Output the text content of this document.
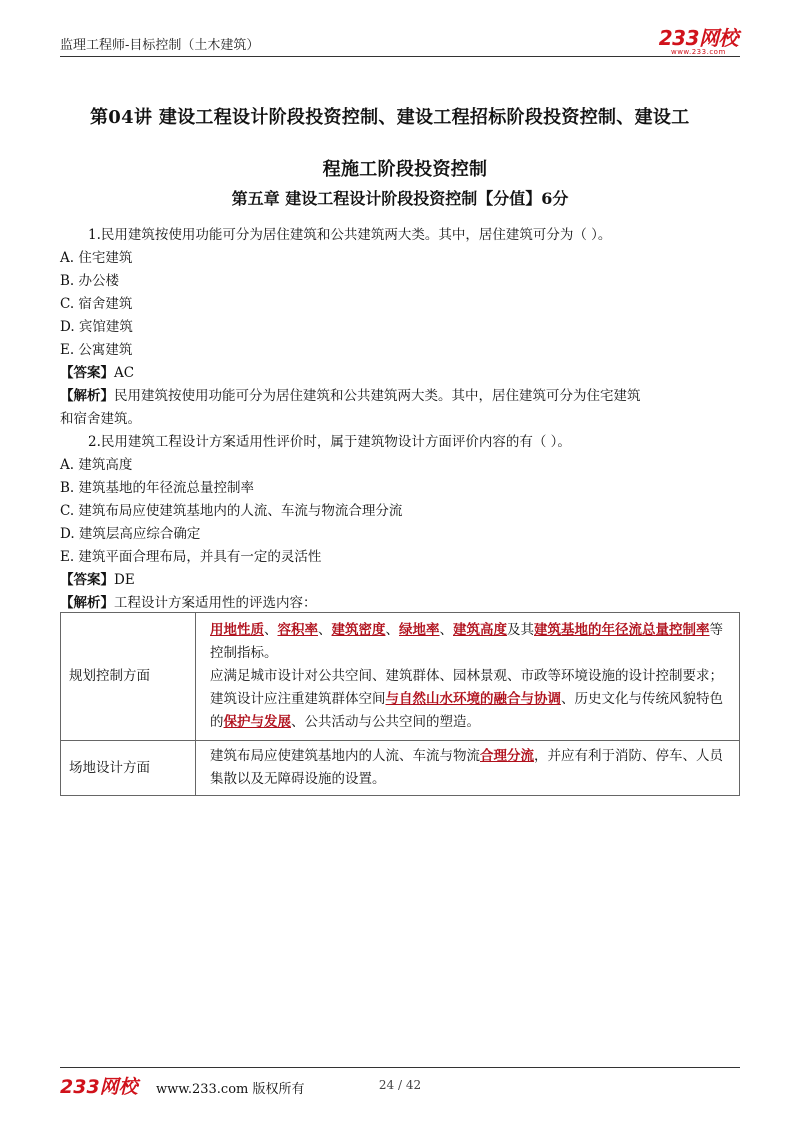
监理工程师-目标控制（土木建筑）	233网校
www.233.com
第04讲 建设工程设计阶段投资控制、建设工程招标阶段投资控制、建设工
程施工阶段投资控制
第五章 建设工程设计阶段投资控制【分值】6分

1.民用建筑按使用功能可分为居住建筑和公共建筑两大类。其中，居住建筑可分为（ ）。

A. 住宅建筑

B. 办公楼

C. 宿舍建筑

D. 宾馆建筑

E. 公寓建筑

【答案】AC

【解析】民用建筑按使用功能可分为居住建筑和公共建筑两大类。其中，居住建筑可分为住宅建筑

和宿舍建筑。

2.民用建筑工程设计方案适用性评价时，属于建筑物设计方面评价内容的有（ ）。

A. 建筑高度

B. 建筑基地的年径流总量控制率

C. 建筑布局应使建筑基地内的人流、车流与物流合理分流

D. 建筑层高应综合确定

E. 建筑平面合理布局，并具有一定的灵活性

【答案】DE

【解析】工程设计方案适用性的评选内容：

规划控制方面	用地性质、容积率、建筑密度、绿地率、建筑高度及其建筑基地的年径流总量控制率等控制指标。
应满足城市设计对公共空间、建筑群体、园林景观、市政等环境设施的设计控制要求；
建筑设计应注重建筑群体空间与自然山水环境的融合与协调、历史文化与传统风貌特色的保护与发展、公共活动与公共空间的塑造。

场地设计方面	建筑布局应使建筑基地内的人流、车流与物流合理分流，并应有利于消防、停车、人员集散以及无障碍设施的设置。
233网校 www.233.com 版权所有	24 / 42
